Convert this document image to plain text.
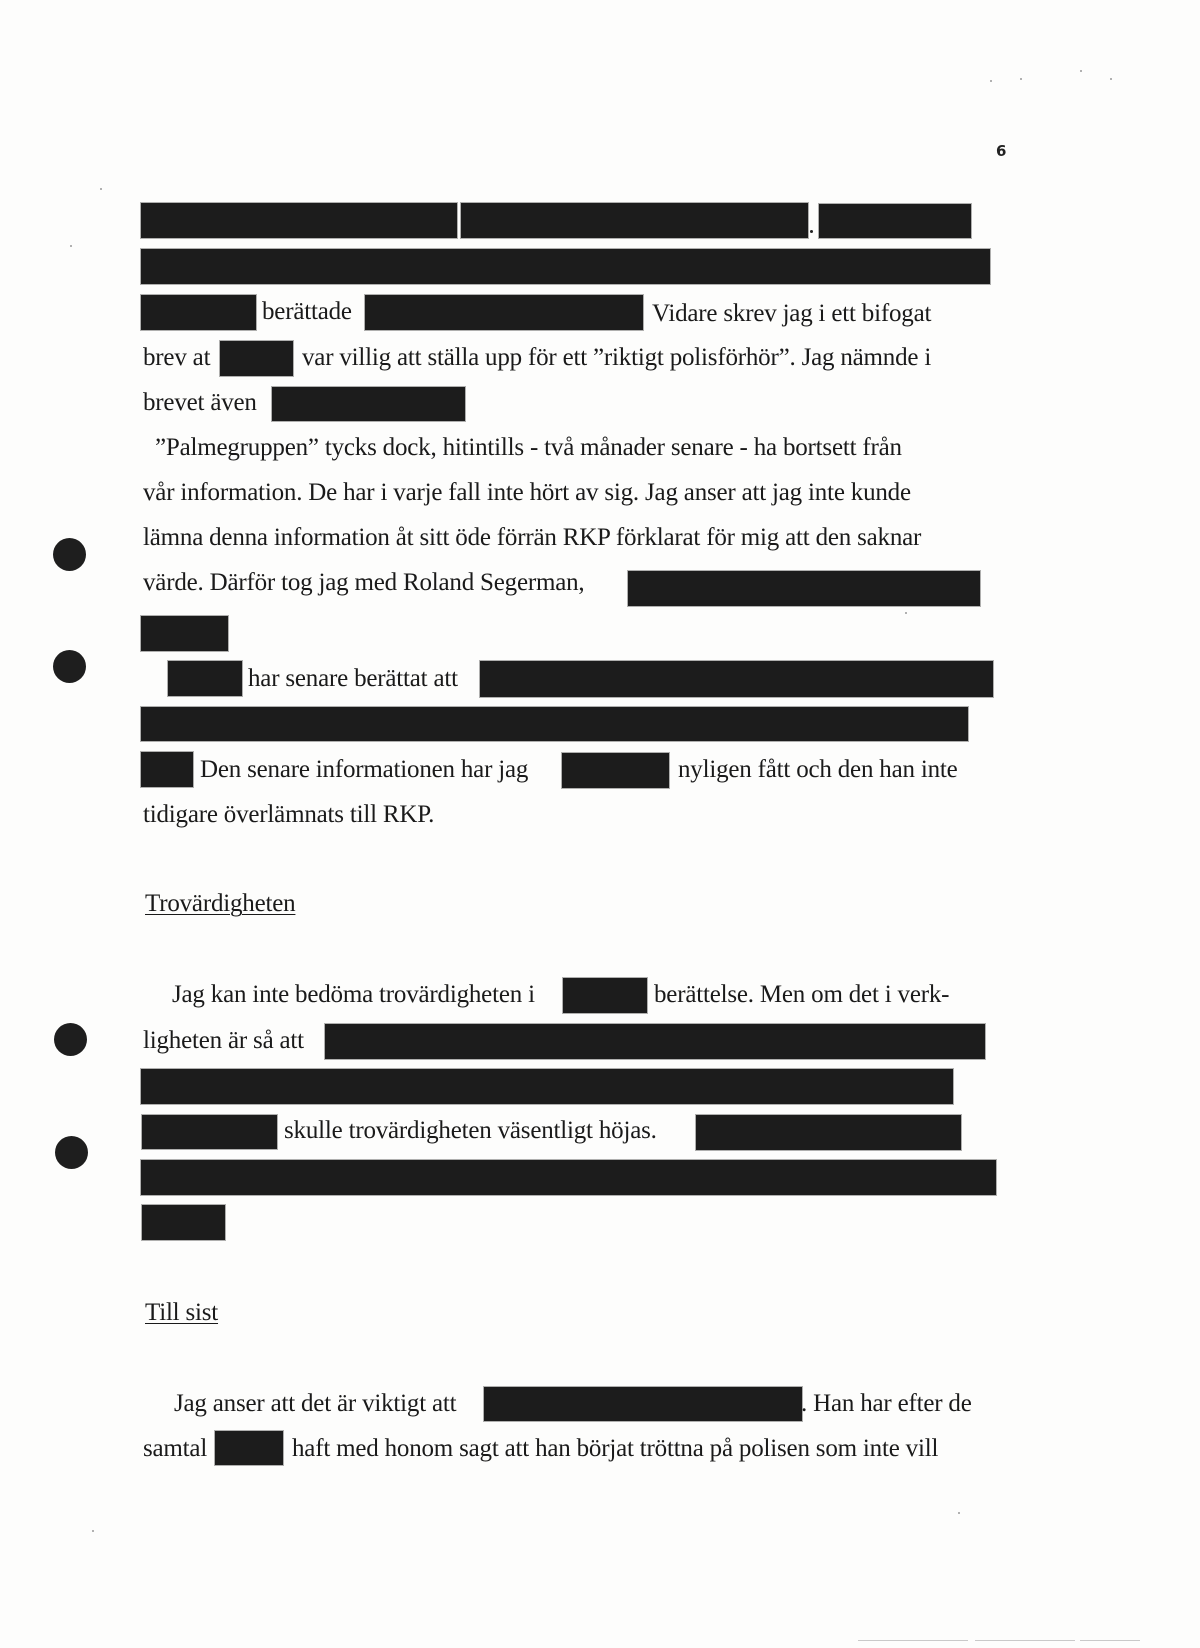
6
berättade	Vidare skrev jag i ett bifogat
brev at	var villig att ställa upp för ett ”riktigt polisförhör”. Jag nämnde i
brevet även
”Palmegruppen” tycks dock, hitintills - två månader senare - ha bortsett från
vår information. De har i varje fall inte hört av sig. Jag anser att jag inte kunde
lämna denna information åt sitt öde förrän RKP förklarat för mig att den saknar
värde. Därför tog jag med Roland Segerman,
har senare berättat att
Den senare informationen har jag	nyligen fått och den han inte
tidigare överlämnats till RKP.
Trovärdigheten
Jag kan inte bedöma trovärdigheten i	berättelse. Men om det i verk-
ligheten är så att
skulle trovärdigheten väsentligt höjas.
Till sist
Jag anser att det är viktigt att	. Han har efter de
samtal	haft med honom sagt att han börjat tröttna på polisen som inte vill
